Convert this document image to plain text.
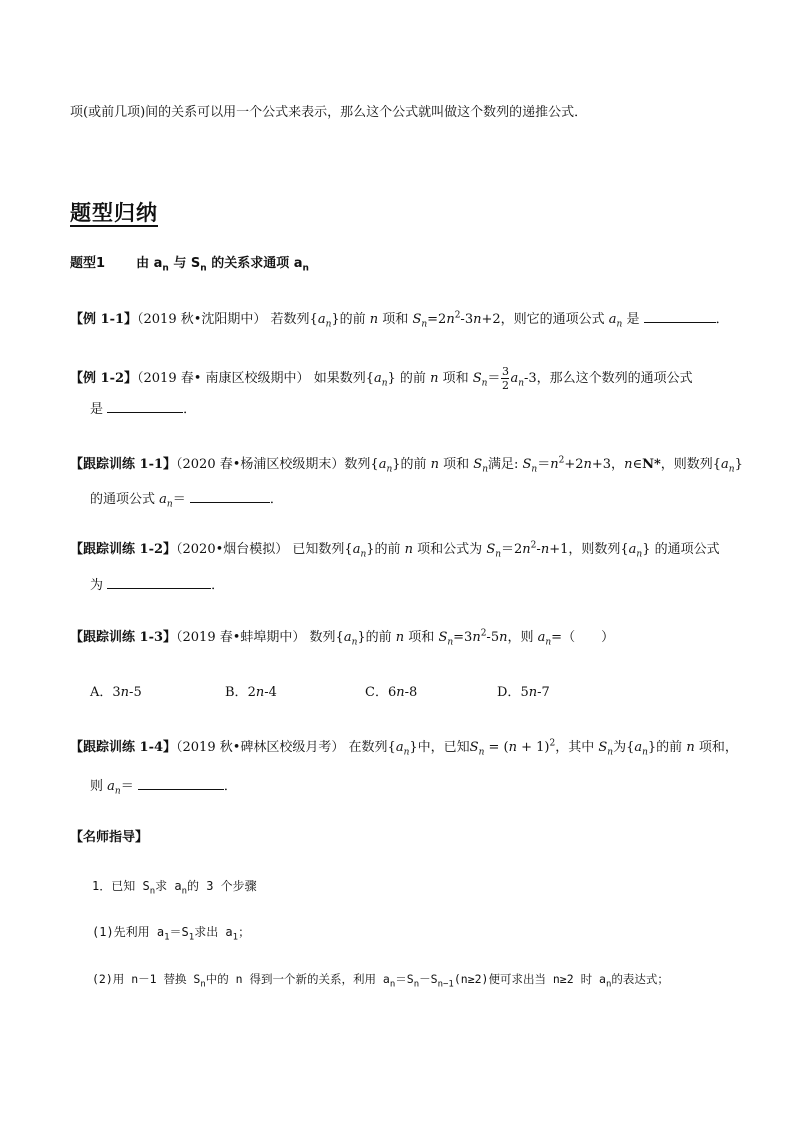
项(或前几项)间的关系可以用一个公式来表示，那么这个公式就叫做这个数列的递推公式．
题型归纳
题型1 由 $a_n$ 与 $S_n$ 的关系求通项 $a_n$
【例 1-1】（2019 秋•沈阳期中） 若数列$\{a_n\}$的前 n 项和 $S_n=2n^2-3n+2$，则它的通项公式 $a_n$ 是	．
【例 1-2】（2019 春• 南康区校级期中） 如果数列$\{a_n\}$ 的前 n 项和 $S_n= \frac{3}{2} a_n-3$，那么这个数列的通项公式
是	．
【跟踪训练 1-1】（2020 春•杨浦区校级期末）数列$\{a_n\}$的前 n 项和 $S_n$满足: $S_n=n^2+2n+3$，n∈N*，则数列$\{a_n\}$
的通项公式 $a_n=$	．
【跟踪训练 1-2】（2020•烟台模拟） 已知数列$\{a_n\}$的前 n 项和公式为 $S_n=2n^2-n+1$，则数列$\{a_n\}$ 的通项公式
为	．
【跟踪训练 1-3】（2019 春•蚌埠期中） 数列$\{a_n\}$的前 n 项和 $S_n=3n^2-5n$，则 $a_n=$（　　）
A．3n-5	B．2n-4	C．6n-8	D．5n-7
【跟踪训练 1-4】（2019 秋•碑林区校级月考） 在数列$\{a_n\}$中，已知$S_n = (n + 1)^2$，其中 $S_n$为$\{a_n\}$的前 n 项和，
则 $a_n=$	．
【名师指导】
1．已知 $S_n$求 $a_n$的 3 个步骤
(1)先利用 $a_1=S_1$求出 $a_1$；
(2)用 n－1 替换 $S_n$中的 n 得到一个新的关系，利用 $a_n=S_n-S_{n-1}(n\ge 2)$便可求出当 n≥2 时 $a_n$的表达式；
